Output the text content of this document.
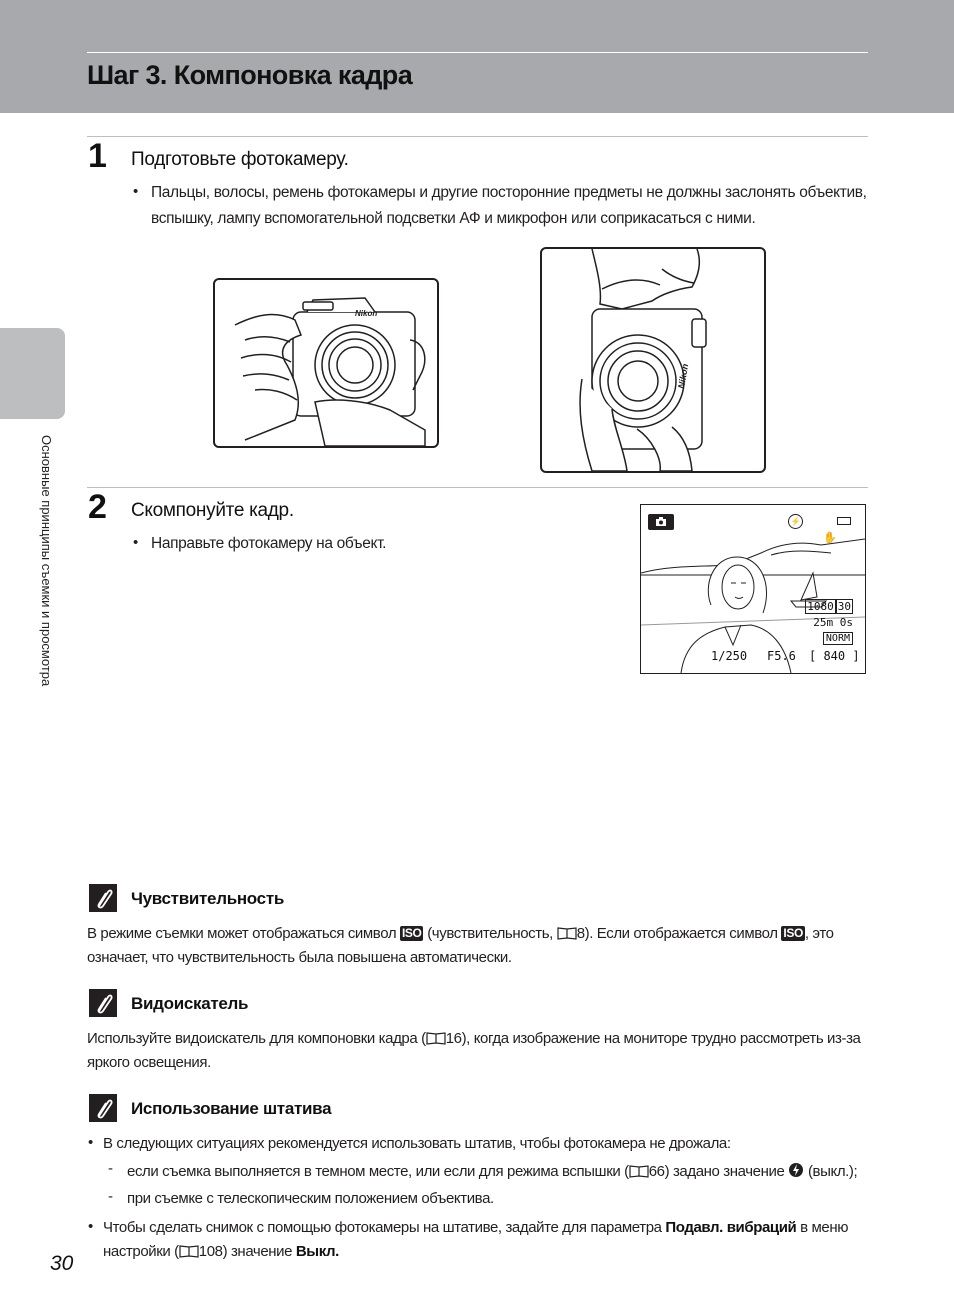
Шаг 3. Компоновка кадра
Основные принципы съемки и просмотра
1 Подготовьте фотокамеру.
• Пальцы, волосы, ремень фотокамеры и другие посторонние предметы не должны заслонять объектив,
вспышку, лампу вспомогательной подсветки АФ и микрофон или соприкасаться с ними.
Nikon
Nikon
2 Скомпонуйте кадр.
• Направьте фотокамеру на объект.
⚡
✋
1080 30
25m 0s
NORM
1/250 F5.6 [ 840 ]
Чувствительность
В режиме съемки может отображаться символ ISO (чувствительность, 8). Если отображается символ ISO , это
означает, что чувствительность была повышена автоматически.
Видоискатель
Используйте видоискатель для компоновки кадра ( 16), когда изображение на мониторе трудно рассмотреть из-за
яркого освещения.
Использование штатива
• В следующих ситуациях рекомендуется использовать штатив, чтобы фотокамера не дрожала:
- если съемка выполняется в темном месте, или если для режима вспышки ( 66) задано значение  (выкл.);
- при съемке с телескопическим положением объектива.
• Чтобы сделать снимок с помощью фотокамеры на штативе, задайте для параметра Подавл. вибраций в меню
настройки ( 108) значение Выкл.
30
